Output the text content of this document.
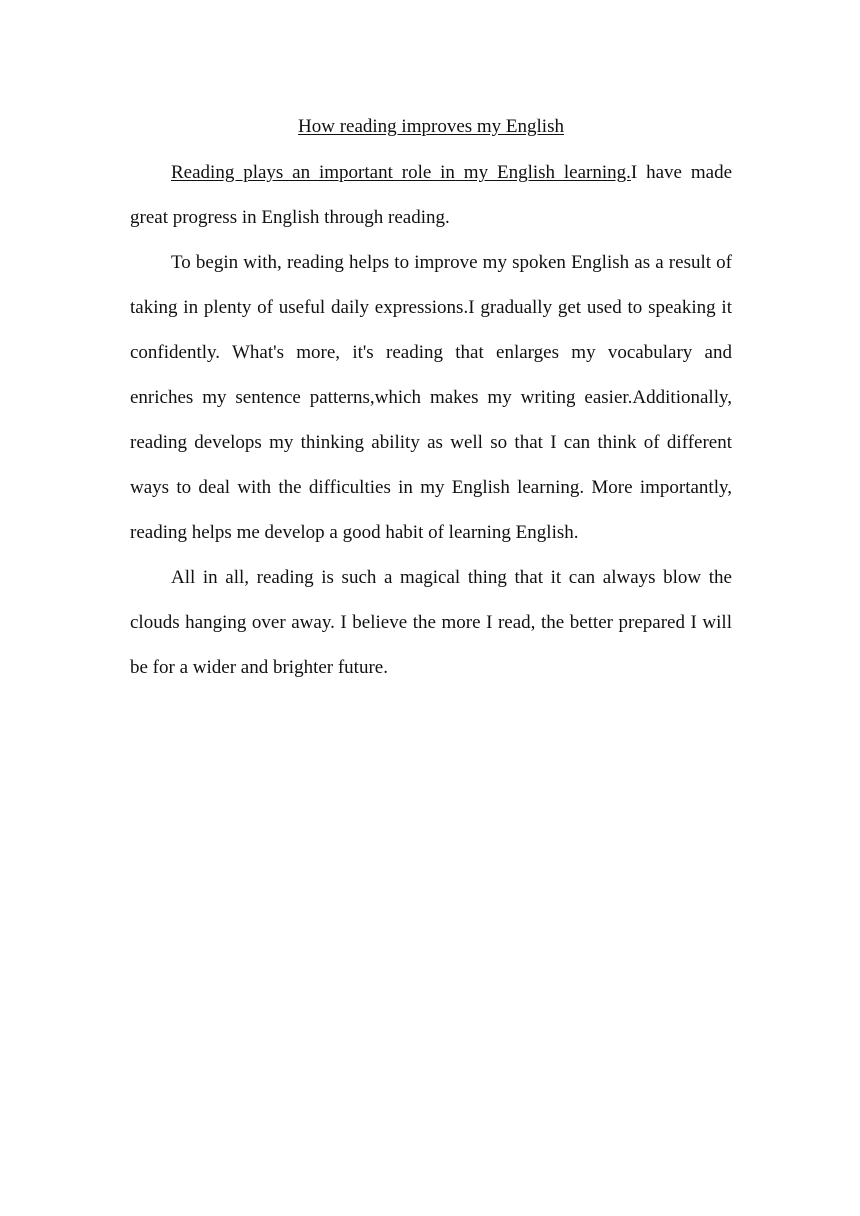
How reading improves my English

Reading plays an important role in my English learning.I have made great progress in English through reading.

To begin with, reading helps to improve my spoken English as a result of taking in plenty of useful daily expressions.I gradually get used to speaking it confidently. What's more, it's reading that enlarges my vocabulary and enriches my sentence patterns,which makes my writing easier.Additionally, reading develops my thinking ability as well so that I can think of different ways to deal with the difficulties in my English learning. More importantly, reading helps me develop a good habit of learning English.

All in all, reading is such a magical thing that it can always blow the clouds hanging over away. I believe the more I read, the better prepared I will be for a wider and brighter future.
